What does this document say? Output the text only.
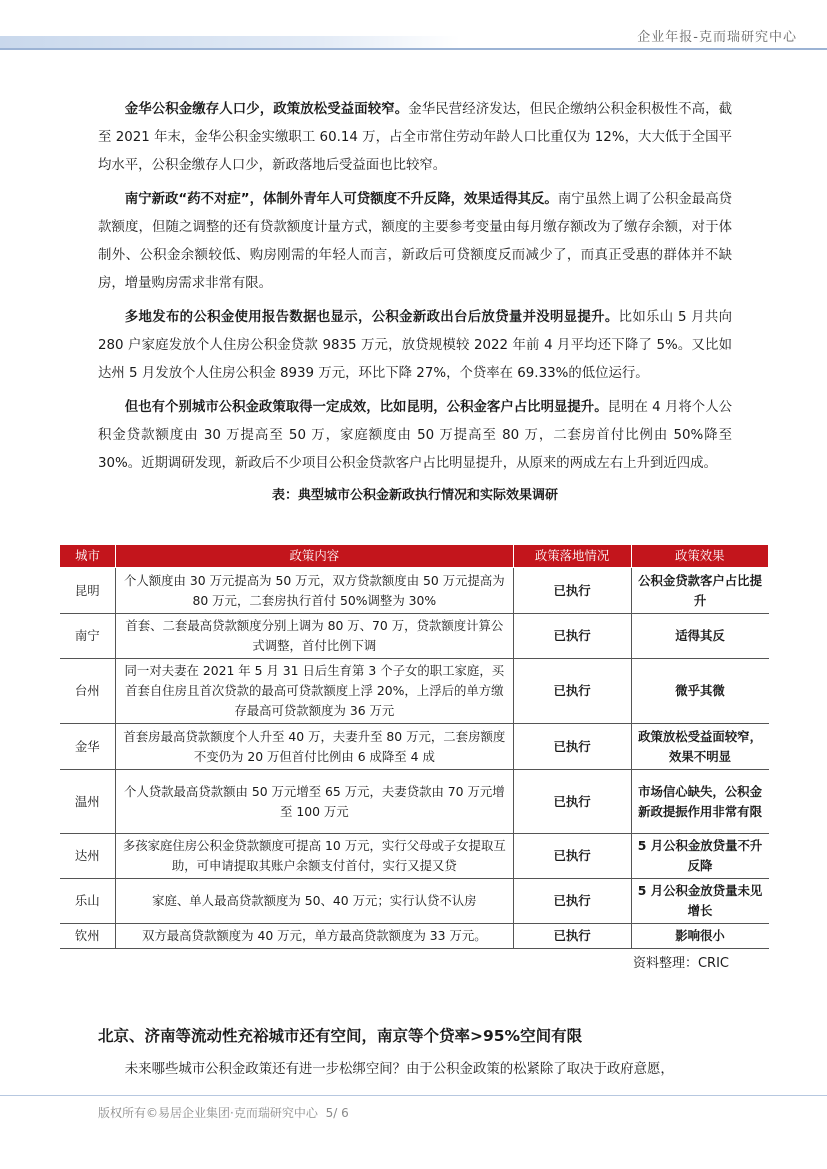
企业年报-克而瑞研究中心

金华公积金缴存人口少，政策放松受益面较窄。金华民营经济发达，但民企缴纳公积金积极性不高，截至 2021 年末，金华公积金实缴职工 60.14 万，占全市常住劳动年龄人口比重仅为 12%，大大低于全国平均水平，公积金缴存人口少，新政落地后受益面也比较窄。

南宁新政“药不对症”，体制外青年人可贷额度不升反降，效果适得其反。南宁虽然上调了公积金最高贷款额度，但随之调整的还有贷款额度计量方式，额度的主要参考变量由每月缴存额改为了缴存余额，对于体制外、公积金余额较低、购房刚需的年轻人而言，新政后可贷额度反而减少了，而真正受惠的群体并不缺房，增量购房需求非常有限。

多地发布的公积金使用报告数据也显示，公积金新政出台后放贷量并没明显提升。比如乐山 5 月共向 280 户家庭发放个人住房公积金贷款 9835 万元，放贷规模较 2022 年前 4 月平均还下降了 5%。又比如达州 5 月发放个人住房公积金 8939 万元，环比下降 27%，个贷率在 69.33%的低位运行。

但也有个别城市公积金政策取得一定成效，比如昆明，公积金客户占比明显提升。昆明在 4 月将个人公积金贷款额度由 30 万提高至 50 万，家庭额度由 50 万提高至 80 万，二套房首付比例由 50%降至 30%。近期调研发现，新政后不少项目公积金贷款客户占比明显提升，从原来的两成左右上升到近四成。

表：典型城市公积金新政执行情况和实际效果调研
城市	政策内容	政策落地情况	政策效果
昆明	个人额度由 30 万元提高为 50 万元，双方贷款额度由 50 万元提高为 80 万元，二套房执行首付 50%调整为 30%	已执行	公积金贷款客户占比提升
南宁	首套、二套最高贷款额度分别上调为 80 万、70 万，贷款额度计算公式调整，首付比例下调	已执行	适得其反
台州	同一对夫妻在 2021 年 5 月 31 日后生育第 3 个子女的职工家庭，买首套自住房且首次贷款的最高可贷款额度上浮 20%，上浮后的单方缴存最高可贷款额度为 36 万元	已执行	微乎其微
金华	首套房最高贷款额度个人升至 40 万，夫妻升至 80 万元，二套房额度不变仍为 20 万但首付比例由 6 成降至 4 成	已执行	政策放松受益面较窄，效果不明显
温州	个人贷款最高贷款额由 50 万元增至 65 万元，夫妻贷款由 70 万元增至 100 万元	已执行	市场信心缺失，公积金新政提振作用非常有限
达州	多孩家庭住房公积金贷款额度可提高 10 万元，实行父母或子女提取互助，可申请提取其账户余额支付首付，实行又提又贷	已执行	5 月公积金放贷量不升反降
乐山	家庭、单人最高贷款额度为 50、40 万元；实行认贷不认房	已执行	5 月公积金放贷量未见增长
钦州	双方最高贷款额度为 40 万元，单方最高贷款额度为 33 万元。	已执行	影响很小
资料整理：CRIC
北京、济南等流动性充裕城市还有空间，南京等个贷率>95%空间有限
未来哪些城市公积金政策还有进一步松绑空间？由于公积金政策的松紧除了取决于政府意愿，
版权所有©易居企业集团·克而瑞研究中心 5/ 6
